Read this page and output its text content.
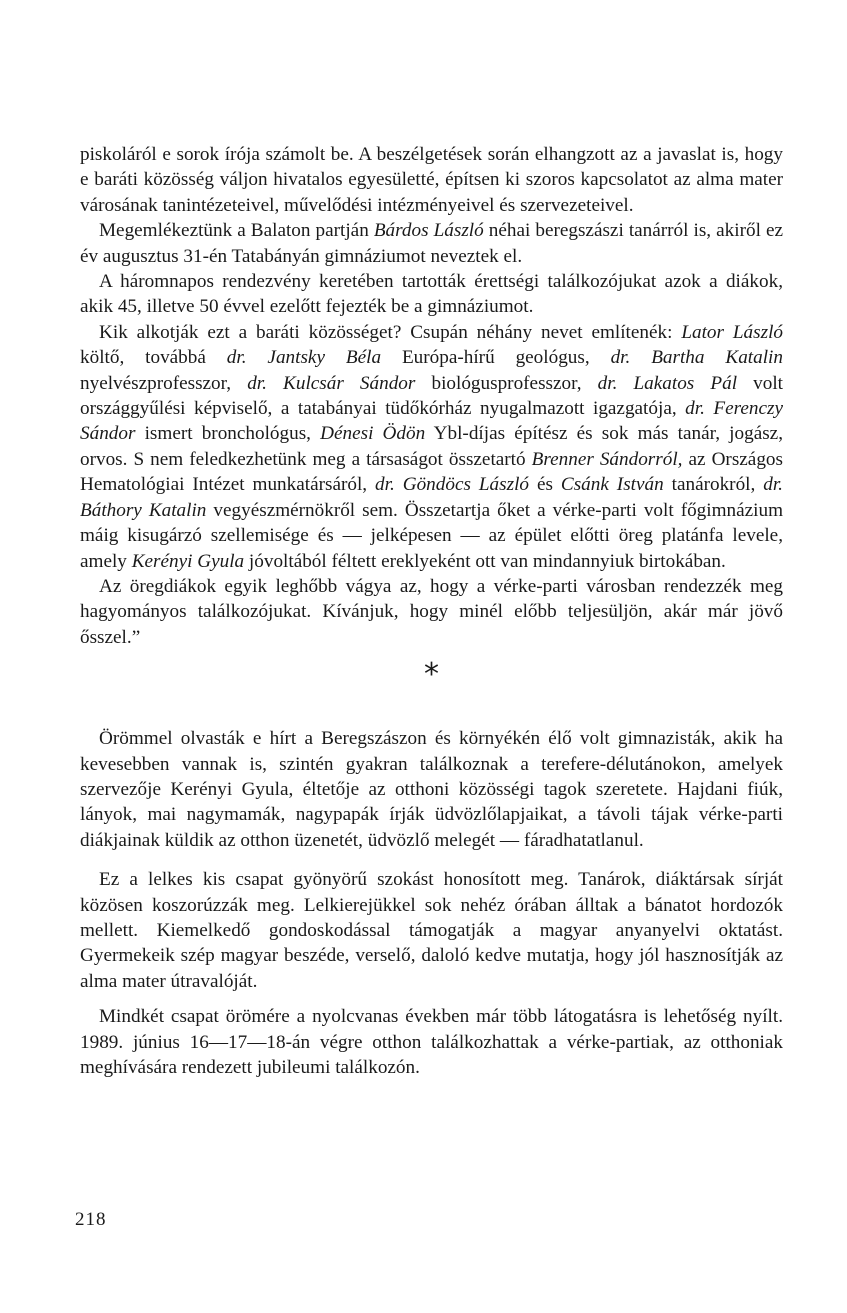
piskoláról e sorok írója számolt be. A beszélgetések során elhangzott az a javaslat is, hogy e baráti közösség váljon hivatalos egyesületté, építsen ki szoros kapcsolatot az alma mater városának tanintézeteivel, művelődési intézményeivel és szervezeteivel.

Megemlékeztünk a Balaton partján Bárdos László néhai beregszászi tanárról is, akiről ez év augusztus 31-én Tatabányán gimnáziumot neveztek el.

A háromnapos rendezvény keretében tartották érettségi találkozójukat azok a diákok, akik 45, illetve 50 évvel ezelőtt fejezték be a gimnáziumot.

Kik alkotják ezt a baráti közösséget? Csupán néhány nevet említenék: Lator László költő, továbbá dr. Jantsky Béla Európa-hírű geológus, dr. Bartha Katalin nyelvészprofesszor, dr. Kulcsár Sándor biológusprofesszor, dr. Lakatos Pál volt országgyűlési képviselő, a tatabányai tüdőkórház nyugalmazott igazgatója, dr. Ferenczy Sándor ismert bronchológus, Dénesi Ödön Ybl-díjas építész és sok más tanár, jogász, orvos. S nem feledkezhetünk meg a társaságot összetartó Brenner Sándorról, az Országos Hematológiai Intézet munkatársáról, dr. Göndöcs László és Csánk István tanárokról, dr. Báthory Katalin vegyészmérnökről sem. Összetartja őket a vérke-parti volt főgimnázium máig kisugárzó szellemisége és — jelképesen — az épület előtti öreg platánfa levele, amely Kerényi Gyula jóvoltából féltett ereklyeként ott van mindannyiuk birtokában.

Az öregdiákok egyik leghőbb vágya az, hogy a vérke-parti városban rendezzék meg hagyományos találkozójukat. Kívánjuk, hogy minél előbb teljesüljön, akár már jövő ősszel.”

*

Örömmel olvasták e hírt a Beregszászon és környékén élő volt gimnazisták, akik ha kevesebben vannak is, szintén gyakran találkoznak a terefere-délutánokon, amelyek szervezője Kerényi Gyula, éltetője az otthoni közösségi tagok szeretete. Hajdani fiúk, lányok, mai nagymamák, nagypapák írják üdvözlőlapjaikat, a távoli tájak vérke-parti diákjainak küldik az otthon üzenetét, üdvözlő melegét — fáradhatatlanul.

Ez a lelkes kis csapat gyönyörű szokást honosított meg. Tanárok, diáktársak sírját közösen koszorúzzák meg. Lelkierejükkel sok nehéz órában álltak a bánatot hordozók mellett. Kiemelkedő gondoskodással támogatják a magyar anyanyelvi oktatást. Gyermekeik szép magyar beszéde, verselő, daloló kedve mutatja, hogy jól hasznosítják az alma mater útravalóját.

Mindkét csapat örömére a nyolcvanas években már több látogatásra is lehetőség nyílt. 1989. június 16—17—18-án végre otthon találkozhattak a vérke-partiak, az otthoniak meghívására rendezett jubileumi találkozón.

218
